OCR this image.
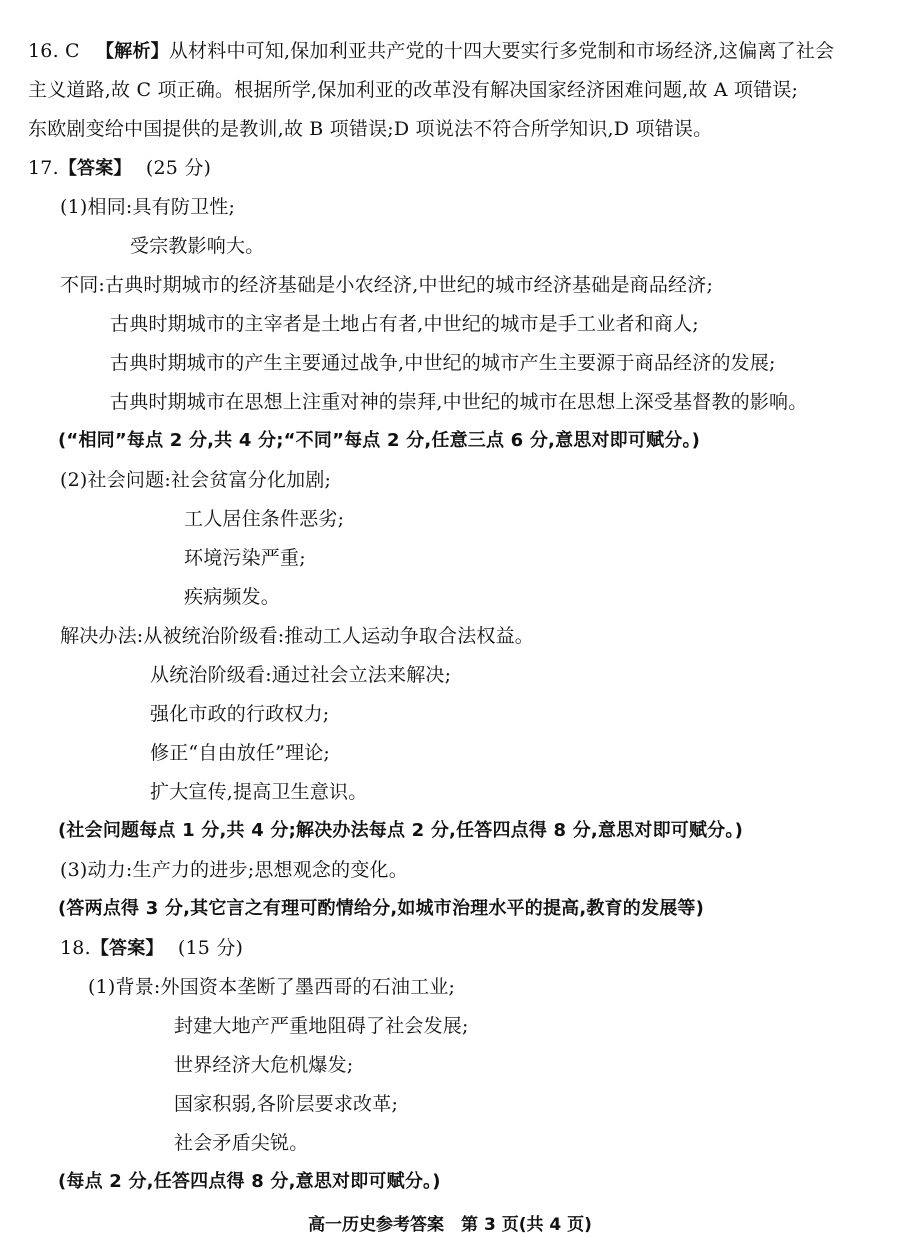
16. C 【解析】从材料中可知,保加利亚共产党的十四大要实行多党制和市场经济,这偏离了社会
主义道路,故 C 项正确。根据所学,保加利亚的改革没有解决国家经济困难问题,故 A 项错误;
东欧剧变给中国提供的是教训,故 B 项错误;D 项说法不符合所学知识,D 项错误。
17.【答案】 (25 分)
(1)相同:具有防卫性;
受宗教影响大。
不同:古典时期城市的经济基础是小农经济,中世纪的城市经济基础是商品经济;
古典时期城市的主宰者是土地占有者,中世纪的城市是手工业者和商人;
古典时期城市的产生主要通过战争,中世纪的城市产生主要源于商品经济的发展;
古典时期城市在思想上注重对神的崇拜,中世纪的城市在思想上深受基督教的影响。
(“相同”每点 2 分,共 4 分;“不同”每点 2 分,任意三点 6 分,意思对即可赋分。)
(2)社会问题:社会贫富分化加剧;
工人居住条件恶劣;
环境污染严重;
疾病频发。
解决办法:从被统治阶级看:推动工人运动争取合法权益。
从统治阶级看:通过社会立法来解决;
强化市政的行政权力;
修正“自由放任”理论;
扩大宣传,提高卫生意识。
(社会问题每点 1 分,共 4 分;解决办法每点 2 分,任答四点得 8 分,意思对即可赋分。)
(3)动力:生产力的进步;思想观念的变化。
(答两点得 3 分,其它言之有理可酌情给分,如城市治理水平的提高,教育的发展等)
18.【答案】 (15 分)
(1)背景:外国资本垄断了墨西哥的石油工业;
封建大地产严重地阻碍了社会发展;
世界经济大危机爆发;
国家积弱,各阶层要求改革;
社会矛盾尖锐。
(每点 2 分,任答四点得 8 分,意思对即可赋分。)
高一历史参考答案　第 3 页(共 4 页)
